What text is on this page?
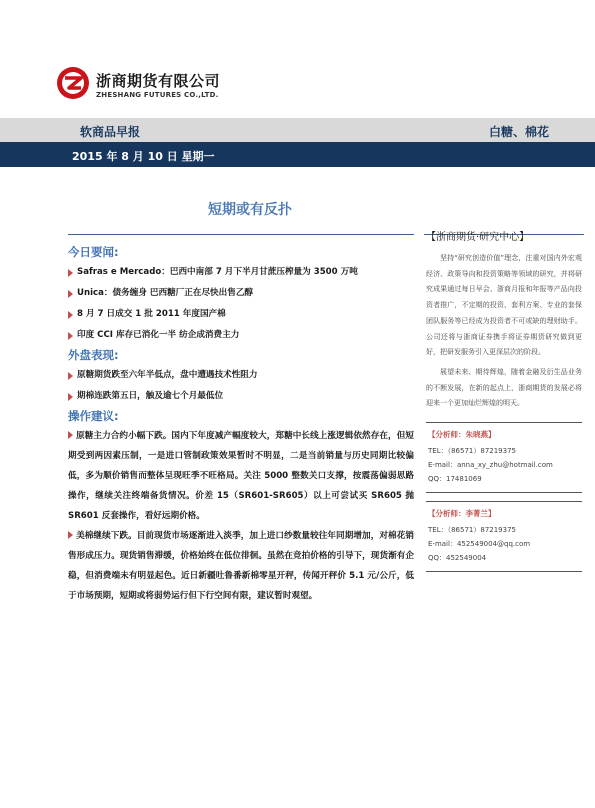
浙商期货有限公司
ZHESHANG FUTURES CO.,LTD.
软商品早报	白糖、棉花
2015 年 8 月 10 日 星期一
短期或有反扑
今日要闻:
Safras e Mercado：巴西中南部 7 月下半月甘蔗压榨量为 3500 万吨
Unica：债务缠身 巴西糖厂正在尽快出售乙醇
8 月 7 日成交 1 批 2011 年度国产棉
印度 CCI 库存已消化一半 纺企成消费主力
外盘表现:
原糖期货跌至六年半低点，盘中遭遇技术性阻力
期棉连跌第五日，触及逾七个月最低位
操作建议:

原糖主力合约小幅下跌。国内下年度减产幅度较大，郑糖中长线上涨逻辑依然存在，但短期受到两因素压制，一是进口管制政策效果暂时不明显，二是当前销量与历史同期比较偏低，多为顺价销售而整体呈现旺季不旺格局。关注 5000 整数关口支撑，按震荡偏弱思路操作，继续关注终端备货情况。价差 15（SR601-SR605）以上可尝试买 SR605 抛 SR601 反套操作，看好远期价格。

美棉继续下跌。目前现货市场逐渐进入淡季，加上进口纱数量较往年同期增加，对棉花销售形成压力。现货销售滞缓，价格始终在低位徘徊。虽然在竞拍价格的引导下，现货渐有企稳，但消费端未有明显起色。近日新疆吐鲁番新棉零星开秤，传闻开秤价 5.1 元/公斤，低于市场预期，短期或将弱势运行但下行空间有限，建议暂时观望。

【浙商期货·研究中心】

坚持“研究创造价值”理念，注重对国内外宏观经济、政策导向和投资策略等领域的研究，并将研究成果通过每日早会、浙商月报和年报等产品向投资者推广，不定期的投资、套利方案、专业的套保团队服务等已经成为投资者不可或缺的理财助手。公司还将与浙商证券携手将证券期货研究做到更好，把研发服务引入更深层次的阶段。

展望未来、期待辉煌，随着金融及衍生品业务的不断发展，在新的起点上，浙商期货的发展必将迎来一个更加灿烂辉煌的明天。

【分析师：朱晓燕】
TEL：（86571）87219375
E-mail：anna_xy_zhu@hotmail.com
QQ：17481069
【分析师：李菁兰】
TEL：（86571）87219375
E-mail：452549004@qq.com
QQ：452549004
